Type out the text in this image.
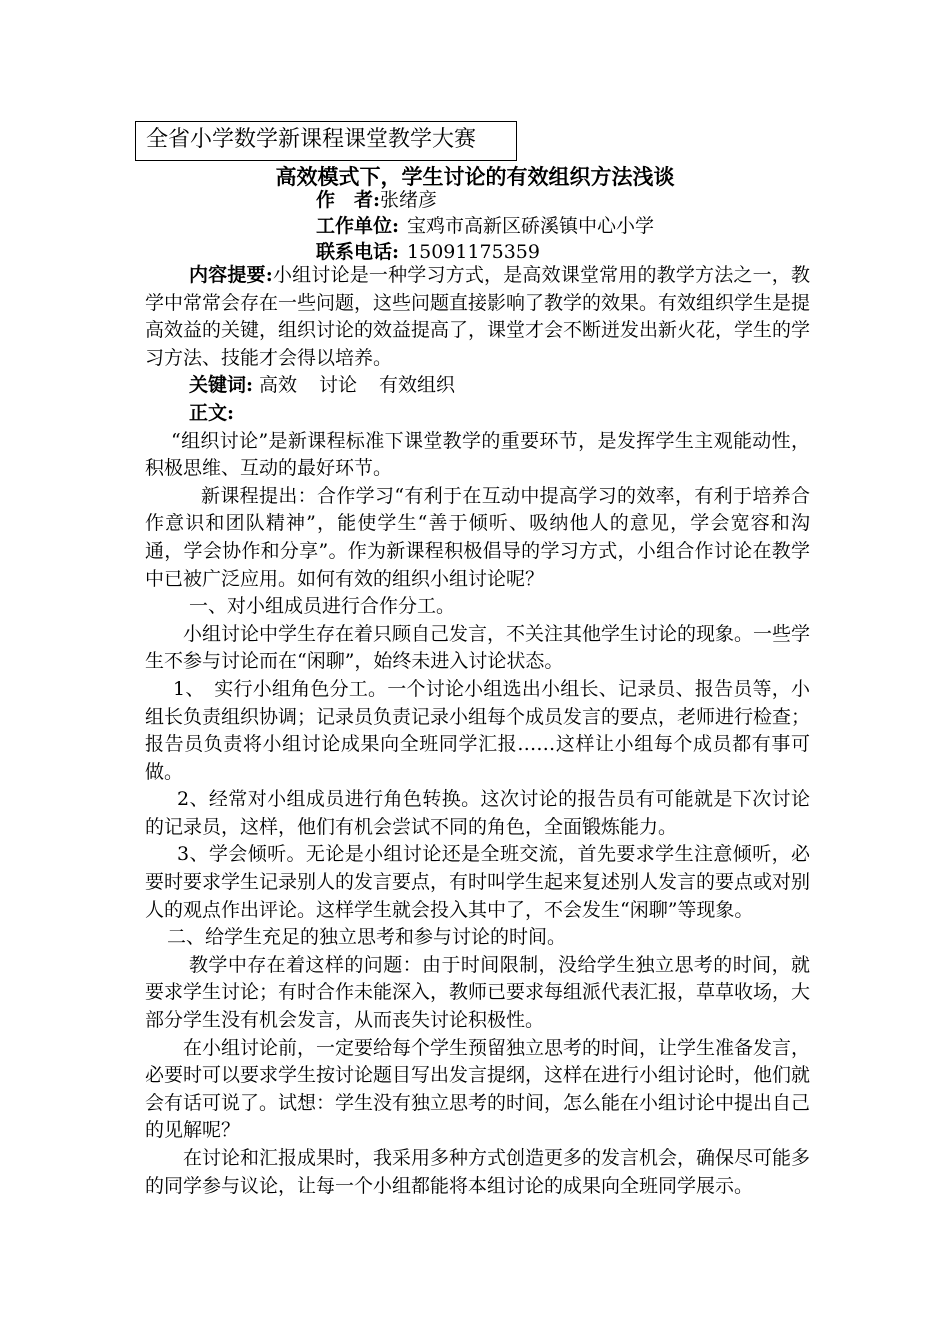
全省小学数学新课程课堂教学大赛
高效模式下，学生讨论的有效组织方法浅谈
作　者:张绪彦
工作单位: 宝鸡市高新区硚溪镇中心小学
联系电话: 15091175359

内容提要:小组讨论是一种学习方式，是高效课堂常用的教学方法之一，教学中常常会存在一些问题，这些问题直接影响了教学的效果。有效组织学生是提高效益的关键，组织讨论的效益提高了，课堂才会不断迸发出新火花，学生的学习方法、技能才会得以培养。

关键词: 高效 讨论 有效组织

正文:

“组织讨论”是新课程标准下课堂教学的重要环节，是发挥学生主观能动性，积极思维、互动的最好环节。

新课程提出：合作学习“有利于在互动中提高学习的效率，有利于培养合作意识和团队精神”，能使学生“善于倾听、吸纳他人的意见，学会宽容和沟通，学会协作和分享”。作为新课程积极倡导的学习方式，小组合作讨论在教学中已被广泛应用。如何有效的组织小组讨论呢？

一、对小组成员进行合作分工。

小组讨论中学生存在着只顾自己发言，不关注其他学生讨论的现象。一些学生不参与讨论而在“闲聊”，始终未进入讨论状态。

1、　实行小组角色分工。一个讨论小组选出小组长、记录员、报告员等，小组长负责组织协调；记录员负责记录小组每个成员发言的要点，老师进行检查；报告员负责将小组讨论成果向全班同学汇报……这样让小组每个成员都有事可做。

2、经常对小组成员进行角色转换。这次讨论的报告员有可能就是下次讨论的记录员，这样，他们有机会尝试不同的角色，全面锻炼能力。

3、学会倾听。无论是小组讨论还是全班交流，首先要求学生注意倾听，必要时要求学生记录别人的发言要点，有时叫学生起来复述别人发言的要点或对别人的观点作出评论。这样学生就会投入其中了，不会发生“闲聊”等现象。

二、给学生充足的独立思考和参与讨论的时间。

教学中存在着这样的问题：由于时间限制，没给学生独立思考的时间，就要求学生讨论；有时合作未能深入，教师已要求每组派代表汇报，草草收场，大部分学生没有机会发言，从而丧失讨论积极性。

在小组讨论前，一定要给每个学生预留独立思考的时间，让学生准备发言，必要时可以要求学生按讨论题目写出发言提纲，这样在进行小组讨论时，他们就会有话可说了。试想：学生没有独立思考的时间，怎么能在小组讨论中提出自己的见解呢？

在讨论和汇报成果时，我采用多种方式创造更多的发言机会，确保尽可能多的同学参与议论，让每一个小组都能将本组讨论的成果向全班同学展示。
